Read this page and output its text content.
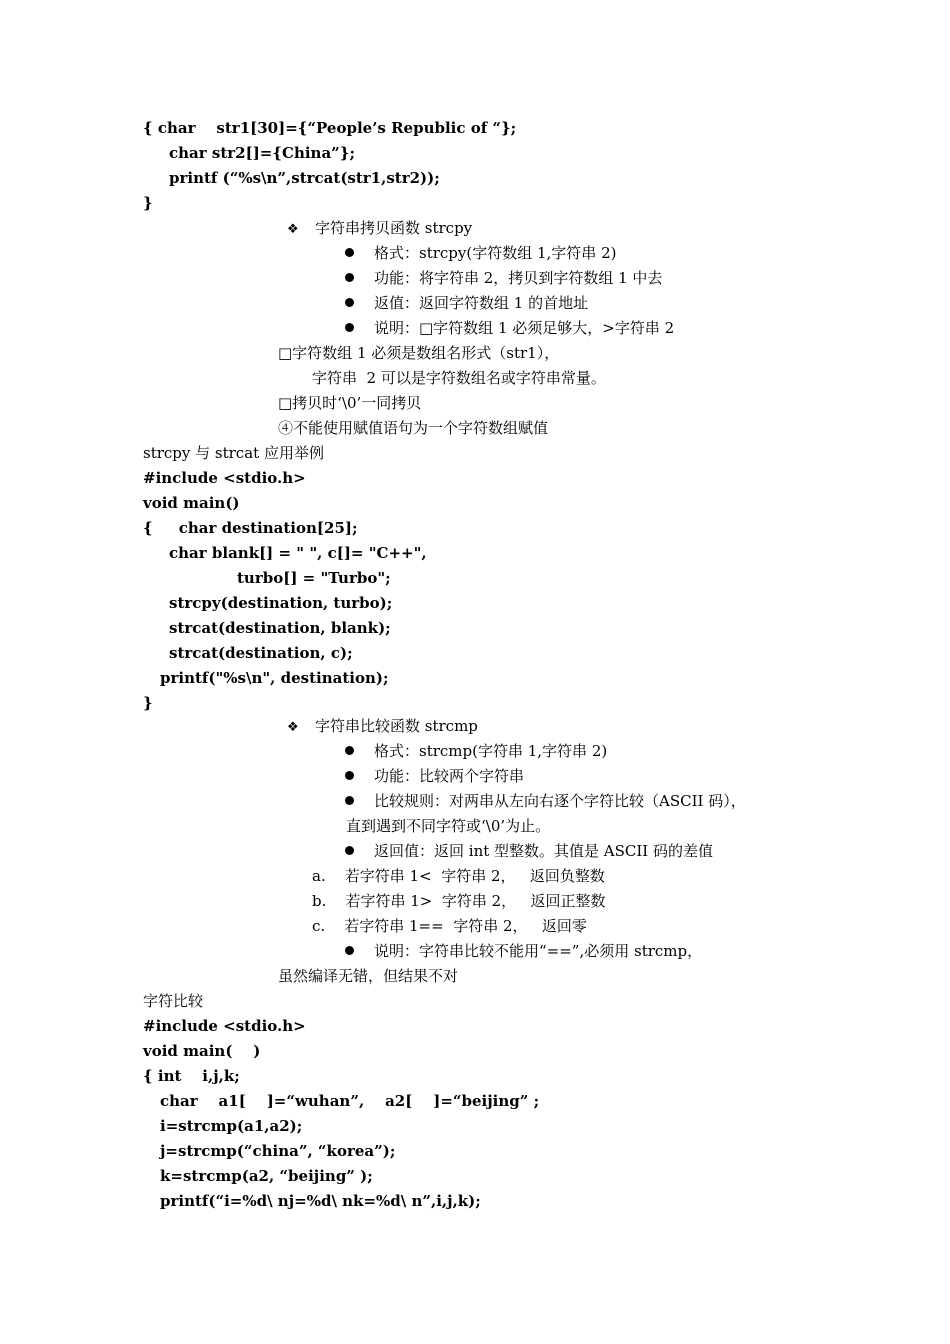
{ char    str1[30]={“People’s Republic of “};
char str2[]={China”};
printf (“%s\n”,strcat(str1,str2));
}
❖ 字符串拷贝函数 strcpy
格式：strcpy(字符数组 1,字符串 2)
功能：将字符串 2，拷贝到字符数组 1 中去
返值：返回字符数组 1 的首地址
说明：□字符数组 1 必须足够大，>字符串 2
□字符数组 1 必须是数组名形式（str1），
字符串  2 可以是字符数组名或字符串常量。
□拷贝时‘\0’一同拷贝
④不能使用赋值语句为一个字符数组赋值
strcpy 与 strcat 应用举例
#include <stdio.h>
void main()
{     char destination[25];
char blank[] = " ", c[]= "C++",
turbo[] = "Turbo";
strcpy(destination, turbo);
strcat(destination, blank);
strcat(destination, c);
printf("%s\n", destination);
}
❖ 字符串比较函数 strcmp
格式：strcmp(字符串 1,字符串 2)
功能：比较两个字符串
比较规则：对两串从左向右逐个字符比较（ASCII 码），
直到遇到不同字符或‘\0’为止。
返回值：返回 int 型整数。其值是 ASCII 码的差值
a.    若字符串 1<  字符串 2，   返回负整数
b.    若字符串 1>  字符串 2，   返回正整数
c.    若字符串 1==  字符串 2，   返回零
说明：字符串比较不能用“==”,必须用 strcmp，
虽然编译无错，但结果不对
字符比较
#include <stdio.h>
void main(    )
{ int    i,j,k;
char    a1[    ]=“wuhan”,    a2[    ]=“beijing” ;
i=strcmp(a1,a2);
j=strcmp(“china”, “korea”);
k=strcmp(a2, “beijing” );
printf(“i=%d\ nj=%d\ nk=%d\ n”,i,j,k);
